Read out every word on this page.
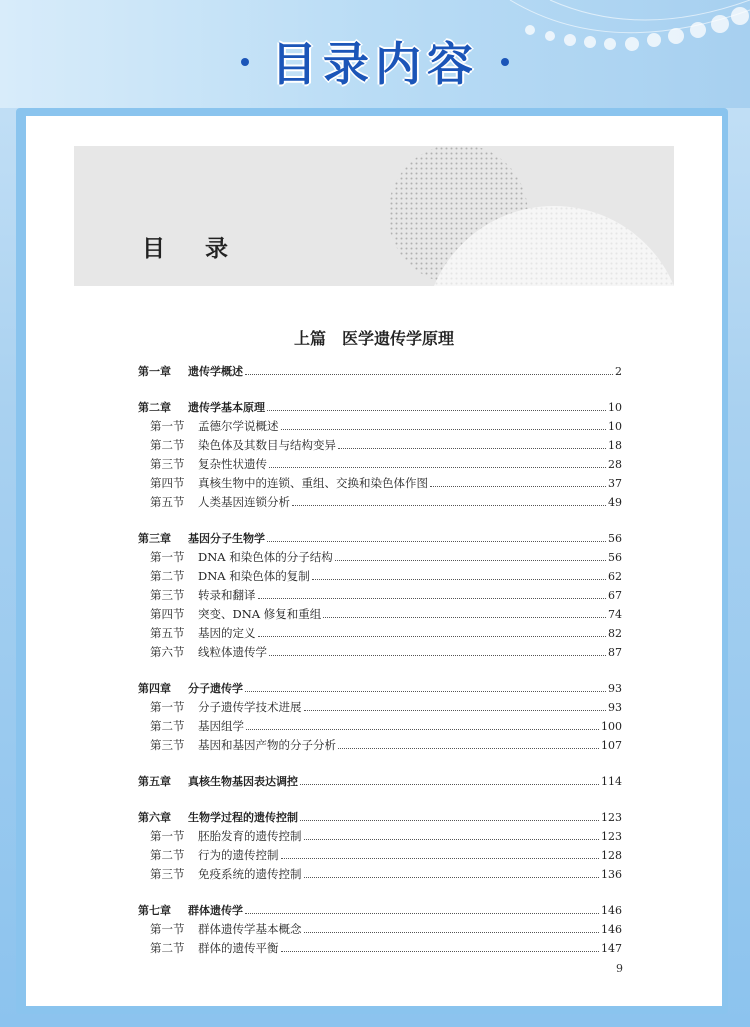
目录内容
目 录
上篇　医学遗传学原理
第一章	遗传学概述	2
第二章	遗传学基本原理	10
第一节	孟德尔学说概述	10
第二节	染色体及其数目与结构变异	18
第三节	复杂性状遗传	28
第四节	真核生物中的连锁、重组、交换和染色体作图	37
第五节	人类基因连锁分析	49
第三章	基因分子生物学	56
第一节	DNA 和染色体的分子结构	56
第二节	DNA 和染色体的复制	62
第三节	转录和翻译	67
第四节	突变、DNA 修复和重组	74
第五节	基因的定义	82
第六节	线粒体遗传学	87
第四章	分子遗传学	93
第一节	分子遗传学技术进展	93
第二节	基因组学	100
第三节	基因和基因产物的分子分析	107
第五章	真核生物基因表达调控	114
第六章	生物学过程的遗传控制	123
第一节	胚胎发育的遗传控制	123
第二节	行为的遗传控制	128
第三节	免疫系统的遗传控制	136
第七章	群体遗传学	146
第一节	群体遗传学基本概念	146
第二节	群体的遗传平衡	147
9
